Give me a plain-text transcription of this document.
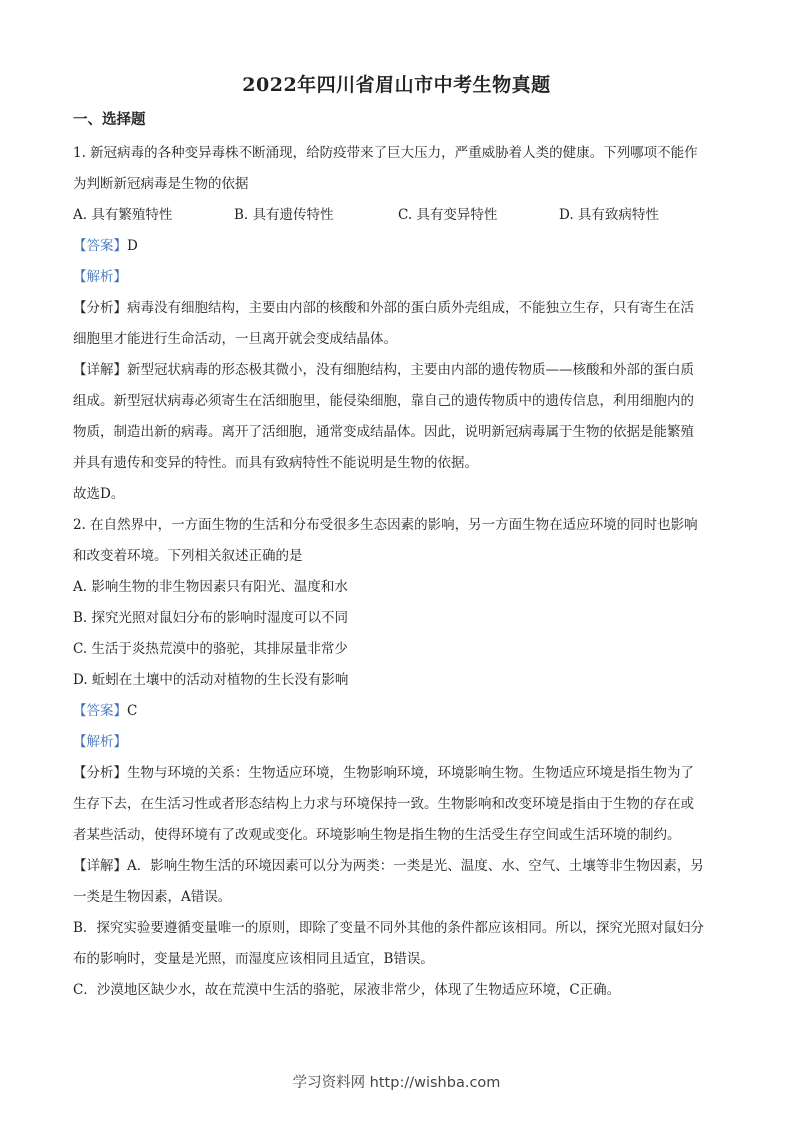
2022年四川省眉山市中考生物真题
一、选择题
1. 新冠病毒的各种变异毒株不断涌现，给防疫带来了巨大压力，严重威胁着人类的健康。下列哪项不能作
为判断新冠病毒是生物的依据
A. 具有繁殖特性	B. 具有遗传特性	C. 具有变异特性	D. 具有致病特性
【答案】D
【解析】
【分析】病毒没有细胞结构，主要由内部的核酸和外部的蛋白质外壳组成，不能独立生存，只有寄生在活
细胞里才能进行生命活动，一旦离开就会变成结晶体。
【详解】新型冠状病毒的形态极其微小，没有细胞结构，主要由内部的遗传物质——核酸和外部的蛋白质
组成。新型冠状病毒必须寄生在活细胞里，能侵染细胞，靠自己的遗传物质中的遗传信息，利用细胞内的
物质，制造出新的病毒。离开了活细胞，通常变成结晶体。因此，说明新冠病毒属于生物的依据是能繁殖
并具有遗传和变异的特性。而具有致病特性不能说明是生物的依据。
故选D。
2. 在自然界中，一方面生物的生活和分布受很多生态因素的影响，另一方面生物在适应环境的同时也影响
和改变着环境。下列相关叙述正确的是
A. 影响生物的非生物因素只有阳光、温度和水
B. 探究光照对鼠妇分布的影响时湿度可以不同
C. 生活于炎热荒漠中的骆驼，其排尿量非常少
D. 蚯蚓在土壤中的活动对植物的生长没有影响
【答案】C
【解析】
【分析】生物与环境的关系：生物适应环境，生物影响环境，环境影响生物。生物适应环境是指生物为了
生存下去，在生活习性或者形态结构上力求与环境保持一致。生物影响和改变环境是指由于生物的存在或
者某些活动，使得环境有了改观或变化。环境影响生物是指生物的生活受生存空间或生活环境的制约。
【详解】A．影响生物生活的环境因素可以分为两类：一类是光、温度、水、空气、土壤等非生物因素，另
一类是生物因素，A错误。
B．探究实验要遵循变量唯一的原则，即除了变量不同外其他的条件都应该相同。所以，探究光照对鼠妇分
布的影响时，变量是光照，而湿度应该相同且适宜，B错误。
C．沙漠地区缺少水，故在荒漠中生活的骆驼，尿液非常少，体现了生物适应环境，C正确。
学习资料网 http://wishba.com
